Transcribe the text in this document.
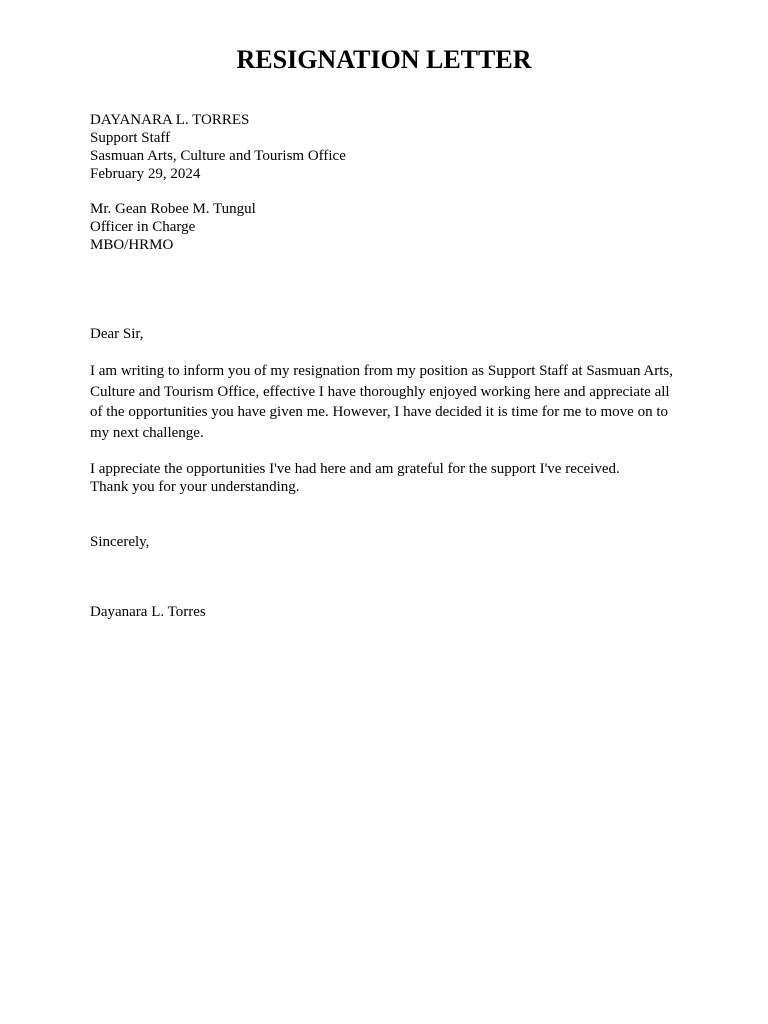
RESIGNATION LETTER
DAYANARA L. TORRES
Support Staff
Sasmuan Arts, Culture and Tourism Office
February 29, 2024
Mr. Gean Robee M. Tungul
Officer in Charge
MBO/HRMO
Dear Sir,
I am writing to inform you of my resignation from my position as Support Staff at Sasmuan Arts,
Culture and Tourism Office, effective I have thoroughly enjoyed working here and appreciate all
of the opportunities you have given me. However, I have decided it is time for me to move on to
my next challenge.
I appreciate the opportunities I've had here and am grateful for the support I've received.
Thank you for your understanding.
Sincerely,
Dayanara L. Torres
